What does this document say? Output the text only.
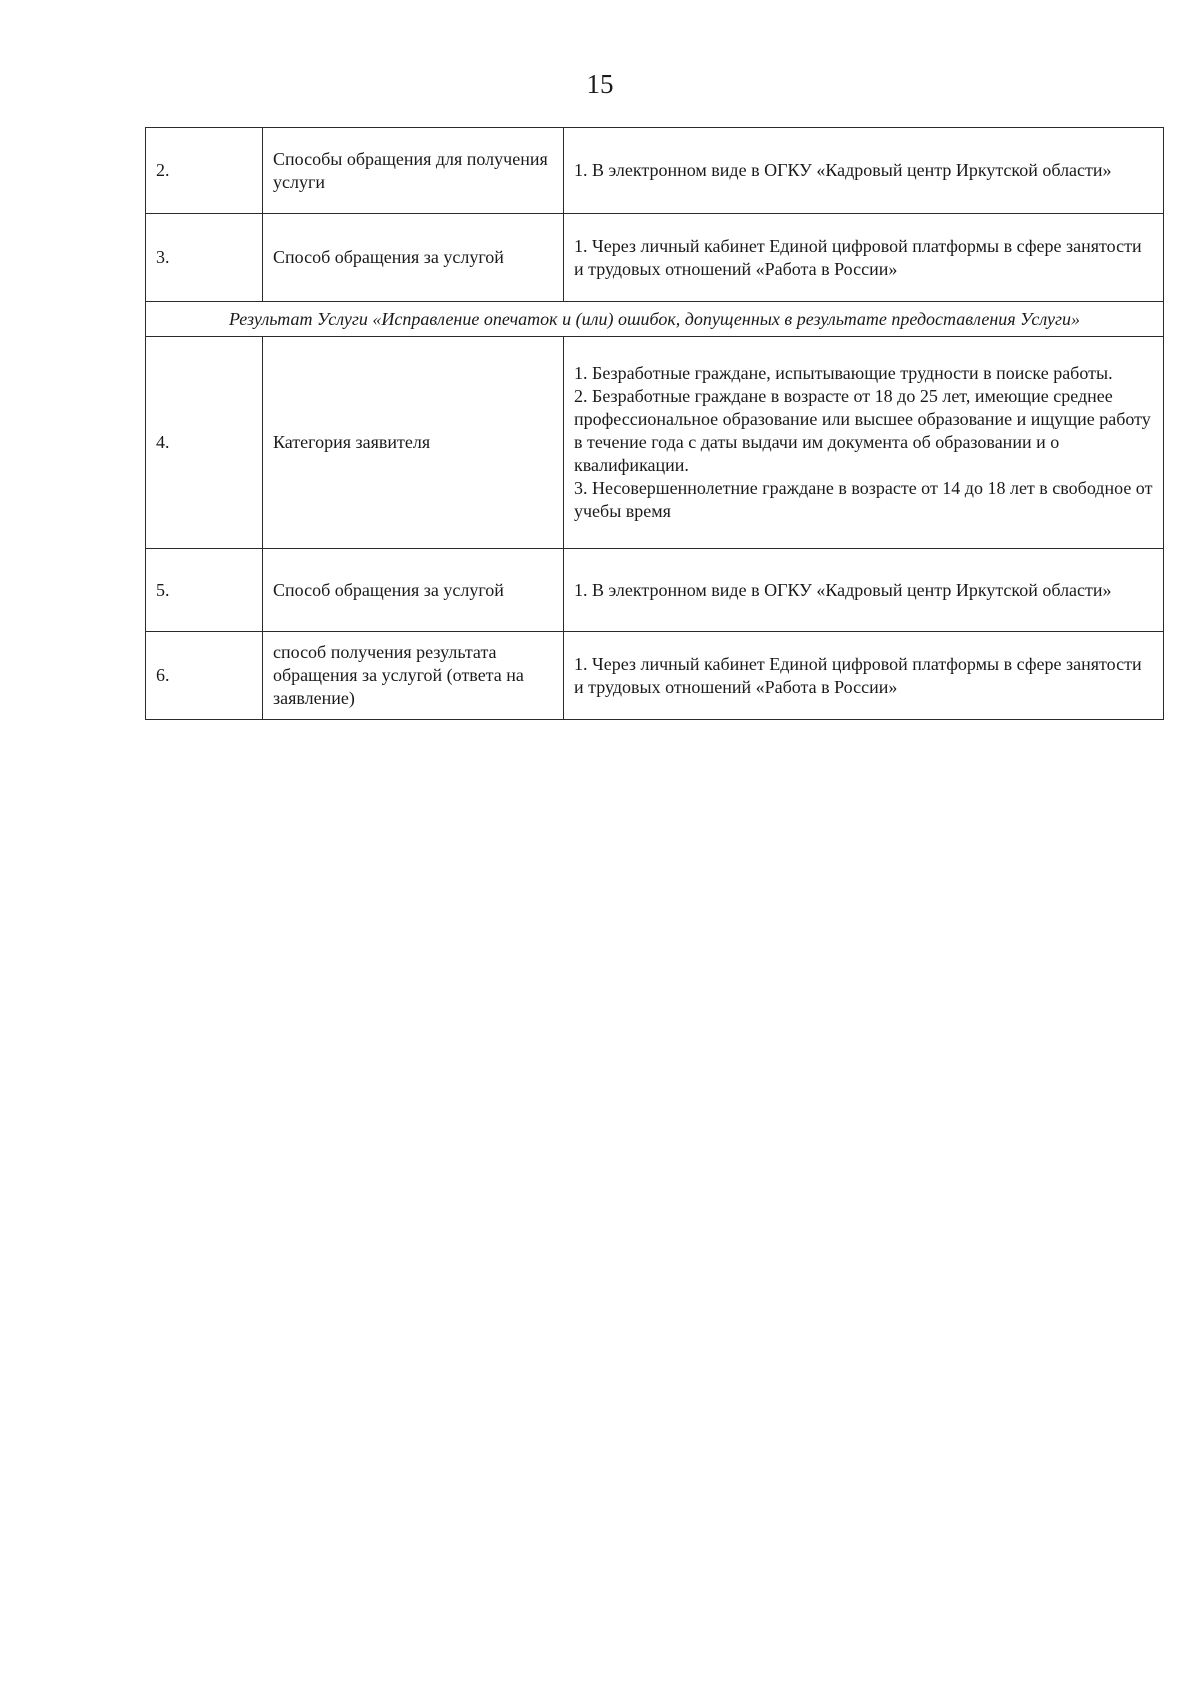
15
2.	Способы обращения для получения услуги	1. В электронном виде в ОГКУ «Кадровый центр Иркутской области»

3.	Способ обращения за услугой	1. Через личный кабинет Единой цифровой платформы в сфере занятости и трудовых отношений «Работа в России»

Результат Услуги «Исправление опечаток и (или) ошибок, допущенных в результате предоставления Услуги»		
4.	Категория заявителя	1. Безработные граждане, испытывающие трудности в поиске работы.
2. Безработные граждане в возрасте от 18 до 25 лет, имеющие среднее профессиональное образование или высшее образование и ищущие работу в течение года с даты выдачи им документа об образовании и о квалификации.
3. Несовершеннолетние граждане в возрасте от 14 до 18 лет в свободное от учебы время

5.	Способ обращения за услугой	1. В электронном виде в ОГКУ «Кадровый центр Иркутской области»

6.	способ получения результата обращения за услугой (ответа на заявление)	1. Через личный кабинет Единой цифровой платформы в сфере занятости и трудовых отношений «Работа в России»
